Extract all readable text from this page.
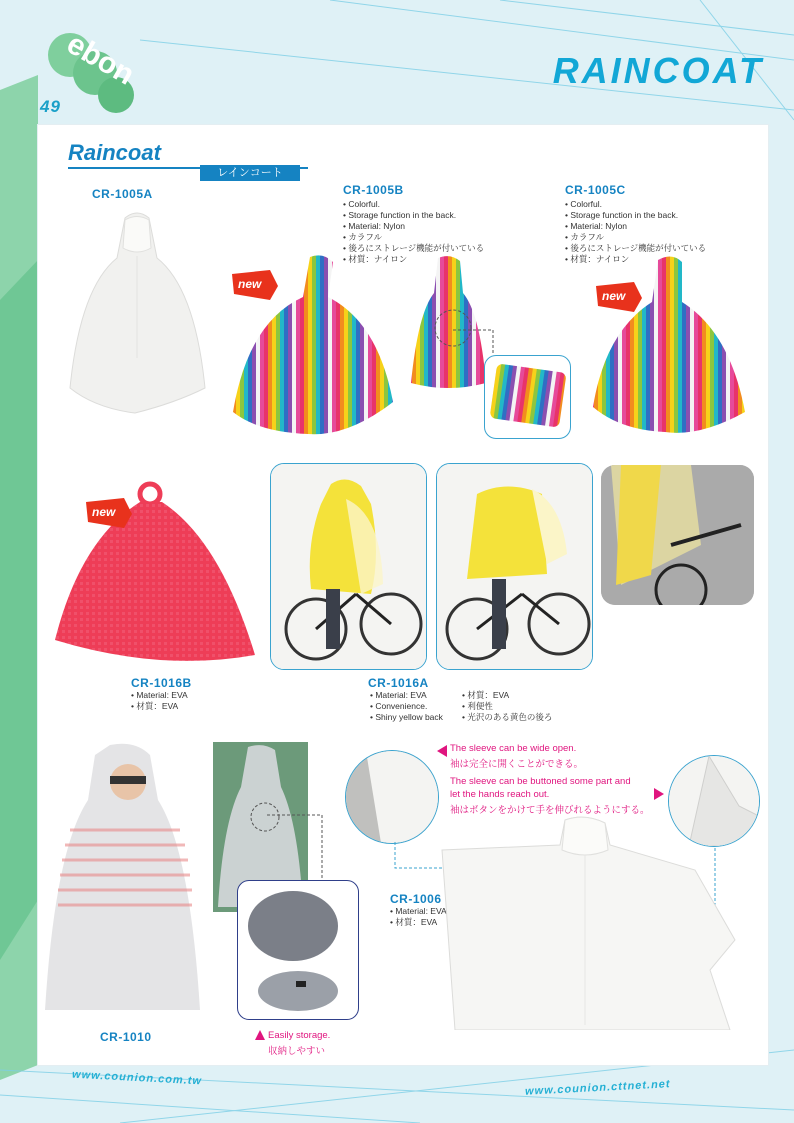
ebon
49
RAINCOAT
Raincoat
レインコート
CR-1005A	CR-1005B
• Colorful.
• Storage function in the back.
• Material: Nylon
• カラフル
• 後ろにストレージ機能が付いている
• 材質：ナイロン
new
CR-1005C
• Colorful.
• Storage function in the back.
• Material: Nylon
• カラフル
• 後ろにストレージ機能が付いている
• 材質：ナイロン
new
new
CR-1016B
• Material: EVA
• 材質：EVA
CR-1016A
• Material: EVA
• Convenience.
• Shiny yellow back
• 材質：EVA
• 利便性
• 光沢のある黄色の後ろ
CR-1010	Easily storage.
収納しやすい
The sleeve can be wide open.
袖は完全に開くことができる。
The sleeve can be buttoned some part and
let the hands reach out.
袖はボタンをかけて手を伸びれるようにする。
CR-1006
• Material: EVA
• 材質：EVA
www.counion.com.tw
www.counion.cttnet.net
